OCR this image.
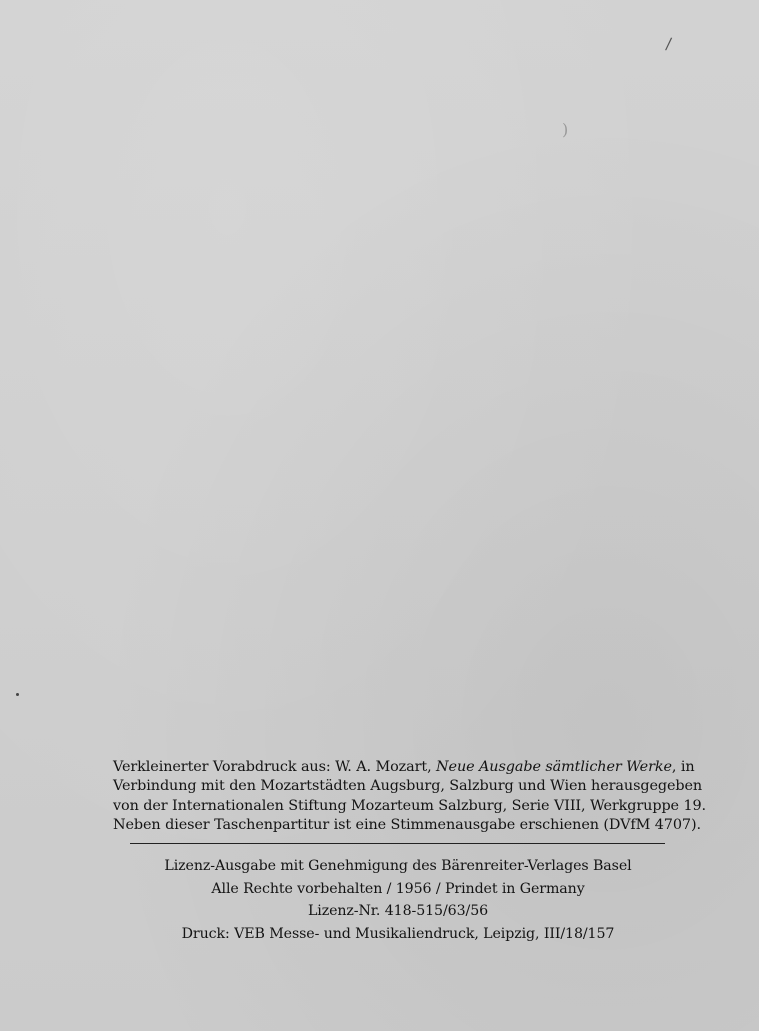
/
)
Verkleinerter Vorabdruck aus: W. A. Mozart, Neue Ausgabe sämtlicher Werke, in
Verbindung mit den Mozartstädten Augsburg, Salzburg und Wien herausgegeben
von der Internationalen Stiftung Mozarteum Salzburg, Serie VIII, Werkgruppe 19.
Neben dieser Taschenpartitur ist eine Stimmenausgabe erschienen (DVfM 4707).
Lizenz-Ausgabe mit Genehmigung des Bärenreiter-Verlages Basel
Alle Rechte vorbehalten / 1956 / Prindet in Germany
Lizenz-Nr. 418-515/63/56
Druck: VEB Messe- und Musikaliendruck, Leipzig, III/18/157
